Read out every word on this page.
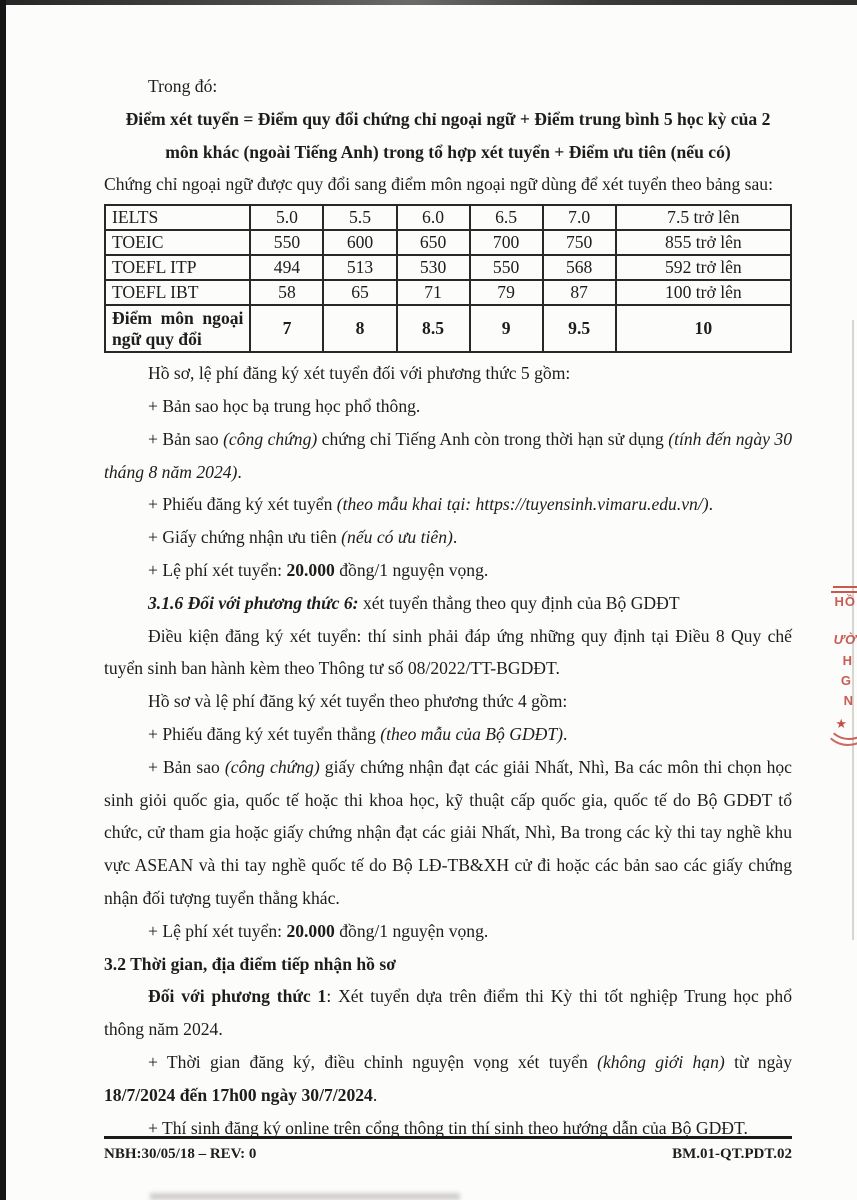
Trong đó:

Điểm xét tuyển = Điểm quy đổi chứng chỉ ngoại ngữ + Điểm trung bình 5 học kỳ của 2
môn khác (ngoài Tiếng Anh) trong tổ hợp xét tuyển + Điểm ưu tiên (nếu có)

Chứng chỉ ngoại ngữ được quy đổi sang điểm môn ngoại ngữ dùng để xét tuyển theo bảng sau:

IELTS	5.0	5.5	6.0	6.5	7.0	7.5 trở lên
TOEIC	550	600	650	700	750	855 trở lên
TOEFL ITP	494	513	530	550	568	592 trở lên
TOEFL IBT	58	65	71	79	87	100 trở lên
Điểm môn ngoại ngữ quy đổi	7	8	8.5	9	9.5	10

Hồ sơ, lệ phí đăng ký xét tuyển đối với phương thức 5 gồm:

+ Bản sao học bạ trung học phổ thông.

+ Bản sao (công chứng) chứng chỉ Tiếng Anh còn trong thời hạn sử dụng (tính đến ngày 30 tháng 8 năm 2024).

+ Phiếu đăng ký xét tuyển (theo mẫu khai tại: https://tuyensinh.vimaru.edu.vn/).

+ Giấy chứng nhận ưu tiên (nếu có ưu tiên).

+ Lệ phí xét tuyển: 20.000 đồng/1 nguyện vọng.

3.1.6 Đối với phương thức 6: xét tuyển thẳng theo quy định của Bộ GDĐT

Điều kiện đăng ký xét tuyển: thí sinh phải đáp ứng những quy định tại Điều 8 Quy chế tuyển sinh ban hành kèm theo Thông tư số 08/2022/TT-BGDĐT.

Hồ sơ và lệ phí đăng ký xét tuyển theo phương thức 4 gồm:

+ Phiếu đăng ký xét tuyển thẳng (theo mẫu của Bộ GDĐT).

+ Bản sao (công chứng) giấy chứng nhận đạt các giải Nhất, Nhì, Ba các môn thi chọn học sinh giỏi quốc gia, quốc tế hoặc thi khoa học, kỹ thuật cấp quốc gia, quốc tế do Bộ GDĐT tổ chức, cử tham gia hoặc giấy chứng nhận đạt các giải Nhất, Nhì, Ba trong các kỳ thi tay nghề khu vực ASEAN và thi tay nghề quốc tế do Bộ LĐ-TB&XH cử đi hoặc các bản sao các giấy chứng nhận đối tượng tuyển thẳng khác.

+ Lệ phí xét tuyển: 20.000 đồng/1 nguyện vọng.

3.2 Thời gian, địa điểm tiếp nhận hồ sơ

Đối với phương thức 1: Xét tuyển dựa trên điểm thi Kỳ thi tốt nghiệp Trung học phổ thông năm 2024.

+ Thời gian đăng ký, điều chỉnh nguyện vọng xét tuyển (không giới hạn) từ ngày 18/7/2024 đến 17h00 ngày 30/7/2024.

+ Thí sinh đăng ký online trên cổng thông tin thí sinh theo hướng dẫn của Bộ GDĐT.

NBH:30/05/18 – REV: 0	BM.01-QT.PDT.02
HỒ
ƯỜ
H
G
N
★
